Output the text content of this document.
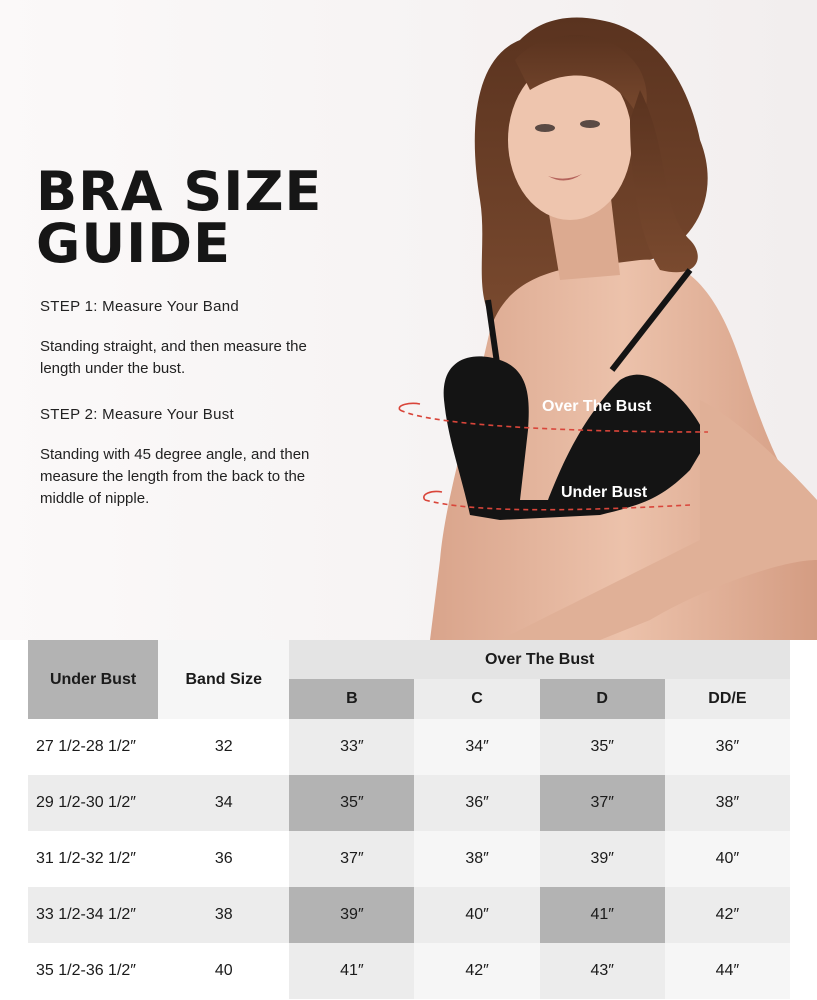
BRA SIZE
GUIDE

STEP 1: Measure Your Band

Standing straight, and then measure the length under the bust.

STEP 2: Measure Your Bust

Standing with 45 degree angle, and then measure the length from the back to the middle of nipple.

Over The Bust
Under Bust
Under Bust	Band Size	Over The Bust			
		B	C	D	DD/E
27 1/2-28 1/2″	32	33″	34″	35″	36″
29 1/2-30 1/2″	34	35″	36″	37″	38″
31 1/2-32 1/2″	36	37″	38″	39″	40″
33 1/2-34 1/2″	38	39″	40″	41″	42″
35 1/2-36 1/2″	40	41″	42″	43″	44″
